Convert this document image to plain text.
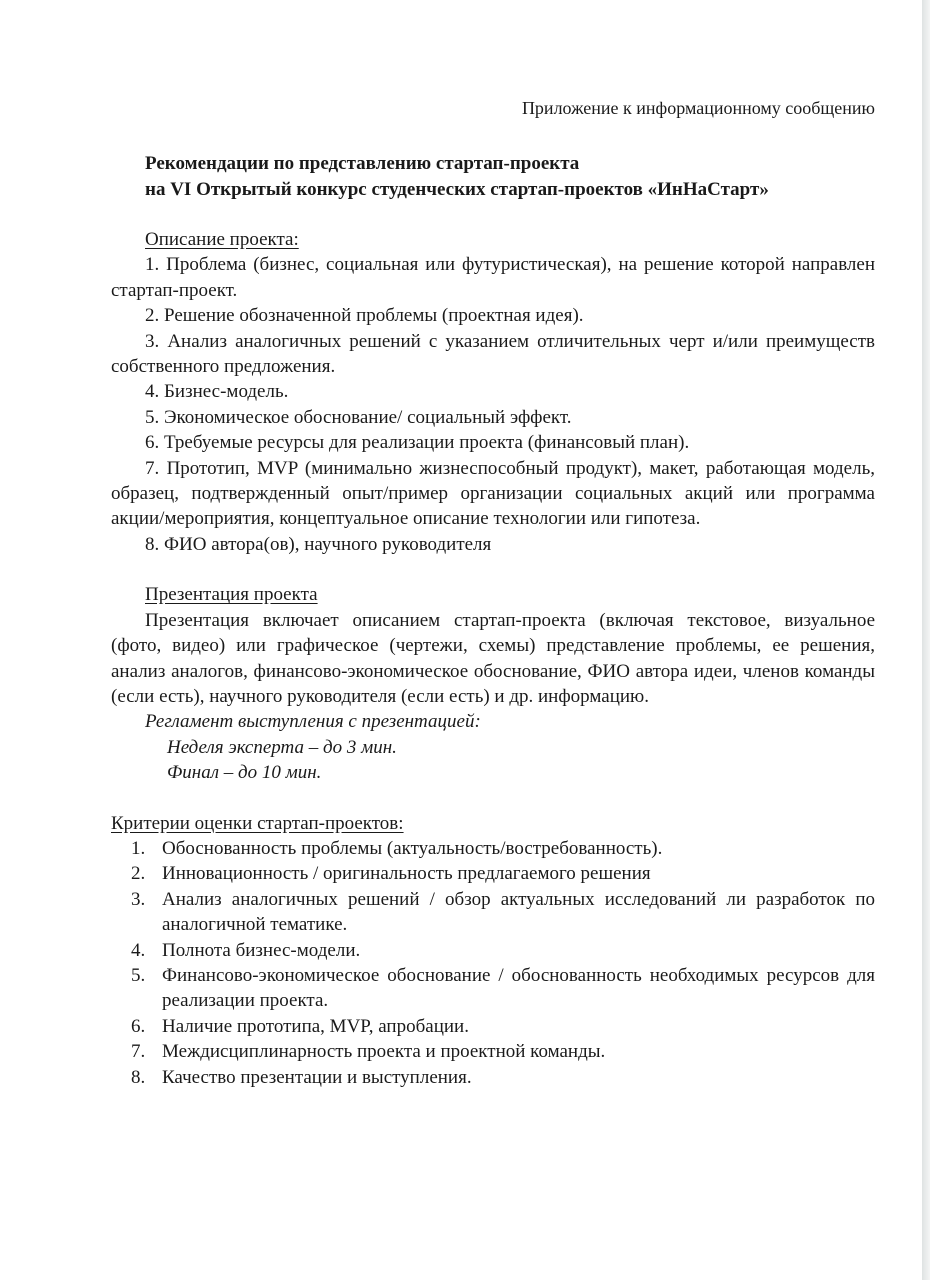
Приложение к информационному сообщению

Рекомендации по представлению стартап-проекта
на VI Открытый конкурс студенческих стартап-проектов «ИнНаСтарт»

Описание проекта:

1. Проблема (бизнес, социальная или футуристическая), на решение которой направлен стартап-проект.

2. Решение обозначенной проблемы (проектная идея).

3. Анализ аналогичных решений с указанием отличительных черт и/или преимуществ собственного предложения.

4. Бизнес-модель.

5. Экономическое обоснование/ социальный эффект.

6. Требуемые ресурсы для реализации проекта (финансовый план).

7. Прототип, MVP (минимально жизнеспособный продукт), макет, работающая модель, образец, подтвержденный опыт/пример организации социальных акций или программа акции/мероприятия, концептуальное описание технологии или гипотеза.

8. ФИО автора(ов), научного руководителя

Презентация проекта

Презентация включает описанием стартап-проекта (включая текстовое, визуальное (фото, видео) или графическое (чертежи, схемы) представление проблемы, ее решения, анализ аналогов, финансово-экономическое обоснование, ФИО автора идеи, членов команды (если есть), научного руководителя (если есть) и др. информацию.

Регламент выступления с презентацией:

Неделя эксперта – до 3 мин.

Финал – до 10 мин.

Критерии оценки стартап-проектов:

1. Обоснованность проблемы (актуальность/востребованность).
2. Инновационность / оригинальность предлагаемого решения
3. Анализ аналогичных решений / обзор актуальных исследований ли разработок по аналогичной тематике.
4. Полнота бизнес-модели.
5. Финансово-экономическое обоснование / обоснованность необходимых ресурсов для реализации проекта.
6. Наличие прототипа, MVP, апробации.
7. Междисциплинарность проекта и проектной команды.
8. Качество презентации и выступления.
